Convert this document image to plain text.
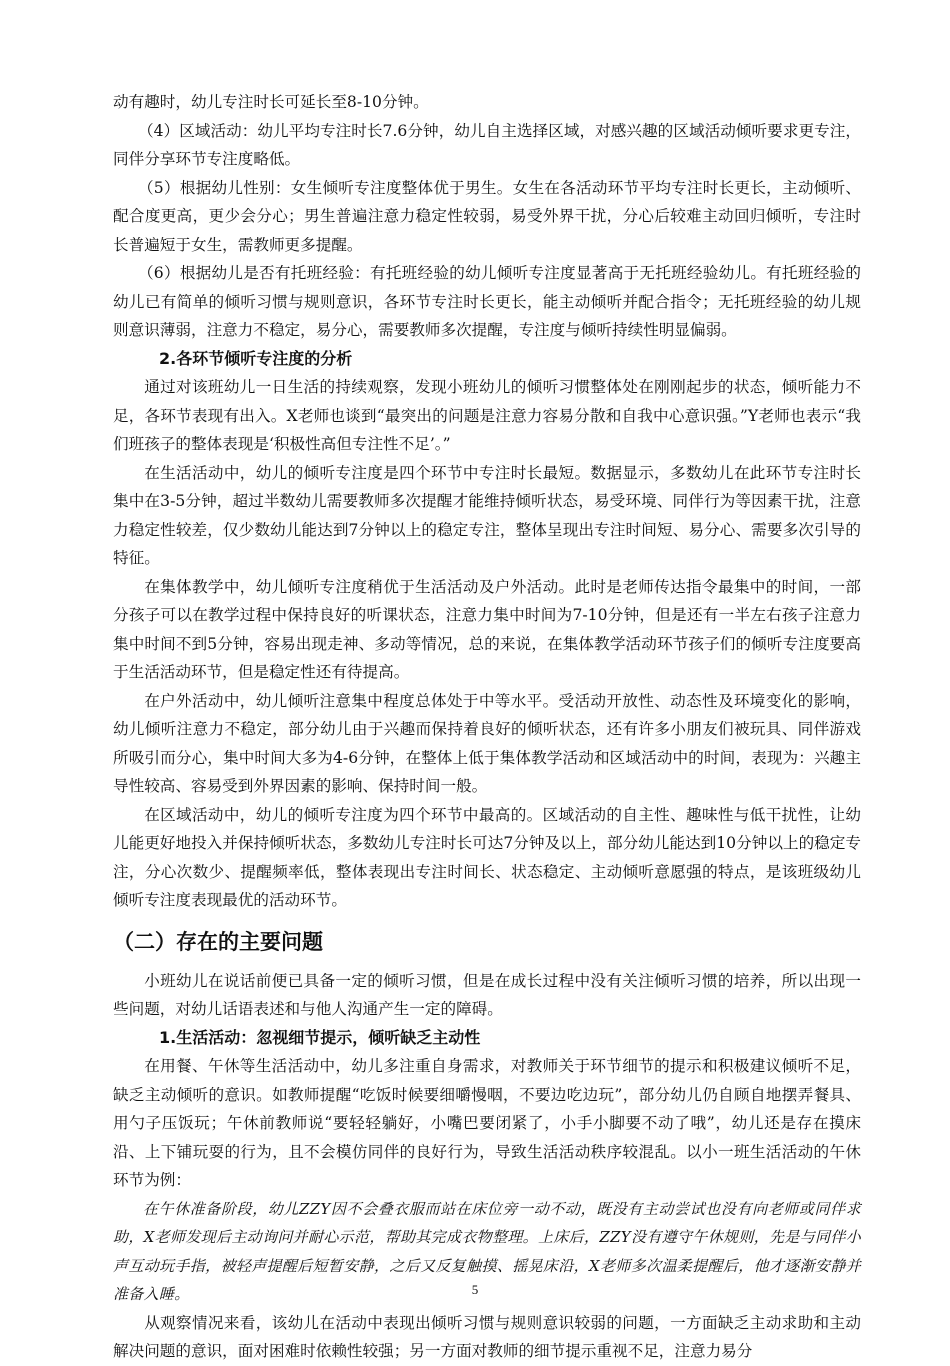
动有趣时，幼儿专注时长可延长至8-10分钟。

（4）区域活动：幼儿平均专注时长7.6分钟，幼儿自主选择区域，对感兴趣的区域活动倾听要求更专注，同伴分享环节专注度略低。

（5）根据幼儿性别：女生倾听专注度整体优于男生。女生在各活动环节平均专注时长更长，主动倾听、配合度更高，更少会分心；男生普遍注意力稳定性较弱，易受外界干扰，分心后较难主动回归倾听，专注时长普遍短于女生，需教师更多提醒。

（6）根据幼儿是否有托班经验：有托班经验的幼儿倾听专注度显著高于无托班经验幼儿。有托班经验的幼儿已有简单的倾听习惯与规则意识，各环节专注时长更长，能主动倾听并配合指令；无托班经验的幼儿规则意识薄弱，注意力不稳定，易分心，需要教师多次提醒，专注度与倾听持续性明显偏弱。

2.各环节倾听专注度的分析

通过对该班幼儿一日生活的持续观察，发现小班幼儿的倾听习惯整体处在刚刚起步的状态，倾听能力不足，各环节表现有出入。X老师也谈到“最突出的问题是注意力容易分散和自我中心意识强。”Y老师也表示“我们班孩子的整体表现是‘积极性高但专注性不足’。”

在生活活动中，幼儿的倾听专注度是四个环节中专注时长最短。数据显示，多数幼儿在此环节专注时长集中在3-5分钟，超过半数幼儿需要教师多次提醒才能维持倾听状态，易受环境、同伴行为等因素干扰，注意力稳定性较差，仅少数幼儿能达到7分钟以上的稳定专注，整体呈现出专注时间短、易分心、需要多次引导的特征。

在集体教学中，幼儿倾听专注度稍优于生活活动及户外活动。此时是老师传达指令最集中的时间，一部分孩子可以在教学过程中保持良好的听课状态，注意力集中时间为7-10分钟，但是还有一半左右孩子注意力集中时间不到5分钟，容易出现走神、多动等情况，总的来说，在集体教学活动环节孩子们的倾听专注度要高于生活活动环节，但是稳定性还有待提高。

在户外活动中，幼儿倾听注意集中程度总体处于中等水平。受活动开放性、动态性及环境变化的影响，幼儿倾听注意力不稳定，部分幼儿由于兴趣而保持着良好的倾听状态，还有许多小朋友们被玩具、同伴游戏所吸引而分心，集中时间大多为4-6分钟，在整体上低于集体教学活动和区域活动中的时间，表现为：兴趣主导性较高、容易受到外界因素的影响、保持时间一般。

在区域活动中，幼儿的倾听专注度为四个环节中最高的。区域活动的自主性、趣味性与低干扰性，让幼儿能更好地投入并保持倾听状态，多数幼儿专注时长可达7分钟及以上，部分幼儿能达到10分钟以上的稳定专注，分心次数少、提醒频率低，整体表现出专注时间长、状态稳定、主动倾听意愿强的特点，是该班级幼儿倾听专注度表现最优的活动环节。

（二）存在的主要问题

小班幼儿在说话前便已具备一定的倾听习惯，但是在成长过程中没有关注倾听习惯的培养，所以出现一些问题，对幼儿话语表述和与他人沟通产生一定的障碍。

1.生活活动：忽视细节提示，倾听缺乏主动性

在用餐、午休等生活活动中，幼儿多注重自身需求，对教师关于环节细节的提示和积极建议倾听不足，缺乏主动倾听的意识。如教师提醒“吃饭时候要细嚼慢咽，不要边吃边玩”，部分幼儿仍自顾自地摆弄餐具、用勺子压饭玩；午休前教师说“要轻轻躺好，小嘴巴要闭紧了，小手小脚要不动了哦”，幼儿还是存在摸床沿、上下铺玩耍的行为，且不会模仿同伴的良好行为，导致生活活动秩序较混乱。以小一班生活活动的午休环节为例：

在午休准备阶段，幼儿ZZY因不会叠衣服而站在床位旁一动不动，既没有主动尝试也没有向老师或同伴求助，X老师发现后主动询问并耐心示范，帮助其完成衣物整理。上床后，ZZY没有遵守午休规则，先是与同伴小声互动玩手指，被轻声提醒后短暂安静，之后又反复触摸、摇晃床沿，X老师多次温柔提醒后，他才逐渐安静并准备入睡。

从观察情况来看，该幼儿在活动中表现出倾听习惯与规则意识较弱的问题，一方面缺乏主动求助和主动解决问题的意识，面对困难时依赖性较强；另一方面对教师的细节提示重视不足，注意力易分

5
